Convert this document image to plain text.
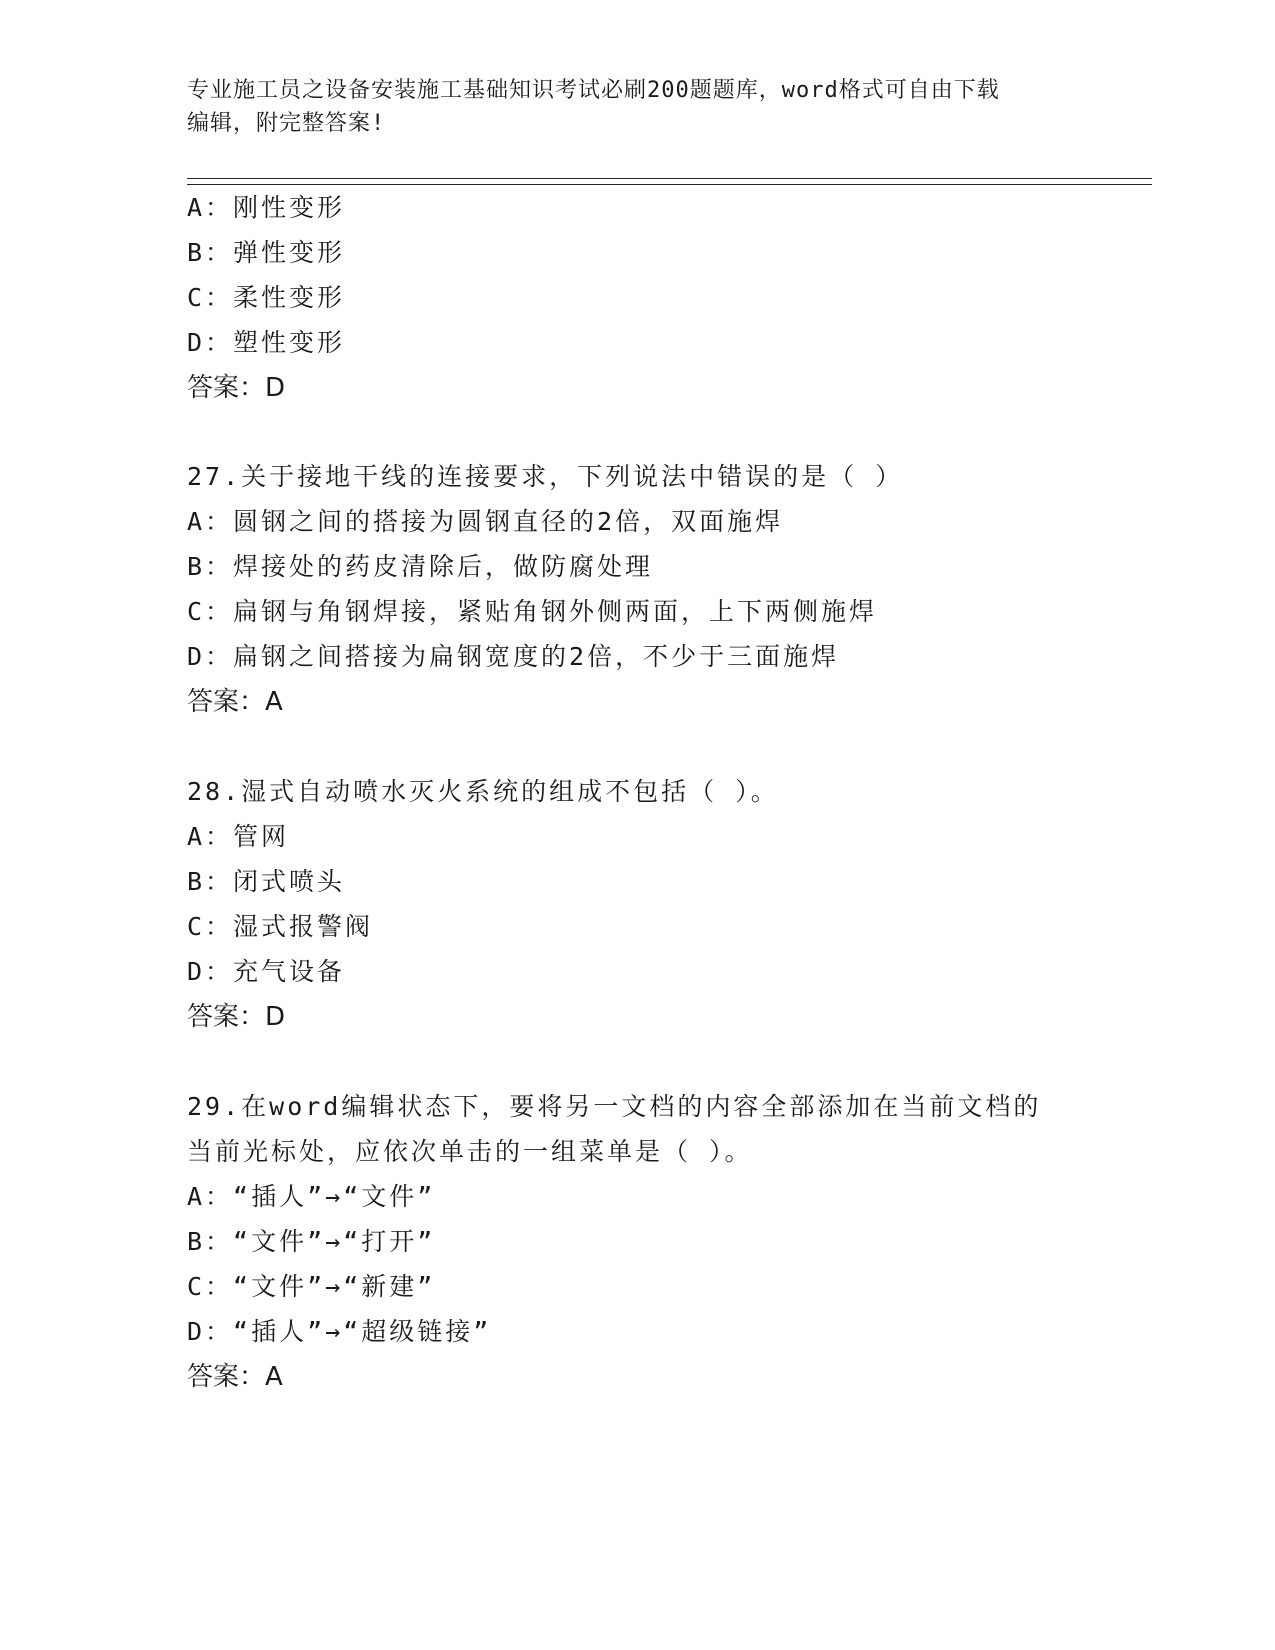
专业施工员之设备安装施工基础知识考试必刷200题题库，word格式可自由下载
编辑，附完整答案!
A：刚性变形
B：弹性变形
C：柔性变形
D：塑性变形
答案：D
27.关于接地干线的连接要求，下列说法中错误的是（ ）
A：圆钢之间的搭接为圆钢直径的2倍，双面施焊
B：焊接处的药皮清除后，做防腐处理
C：扁钢与角钢焊接，紧贴角钢外侧两面，上下两侧施焊
D：扁钢之间搭接为扁钢宽度的2倍，不少于三面施焊
答案：A
28.湿式自动喷水灭火系统的组成不包括（ ）。
A：管网
B：闭式喷头
C：湿式报警阀
D：充气设备
答案：D
29.在word编辑状态下，要将另一文档的内容全部添加在当前文档的
当前光标处，应依次单击的一组菜单是（ ）。
A：“插人”→“文件”
B：“文件”→“打开”
C：“文件”→“新建”
D：“插人”→“超级链接”
答案：A
